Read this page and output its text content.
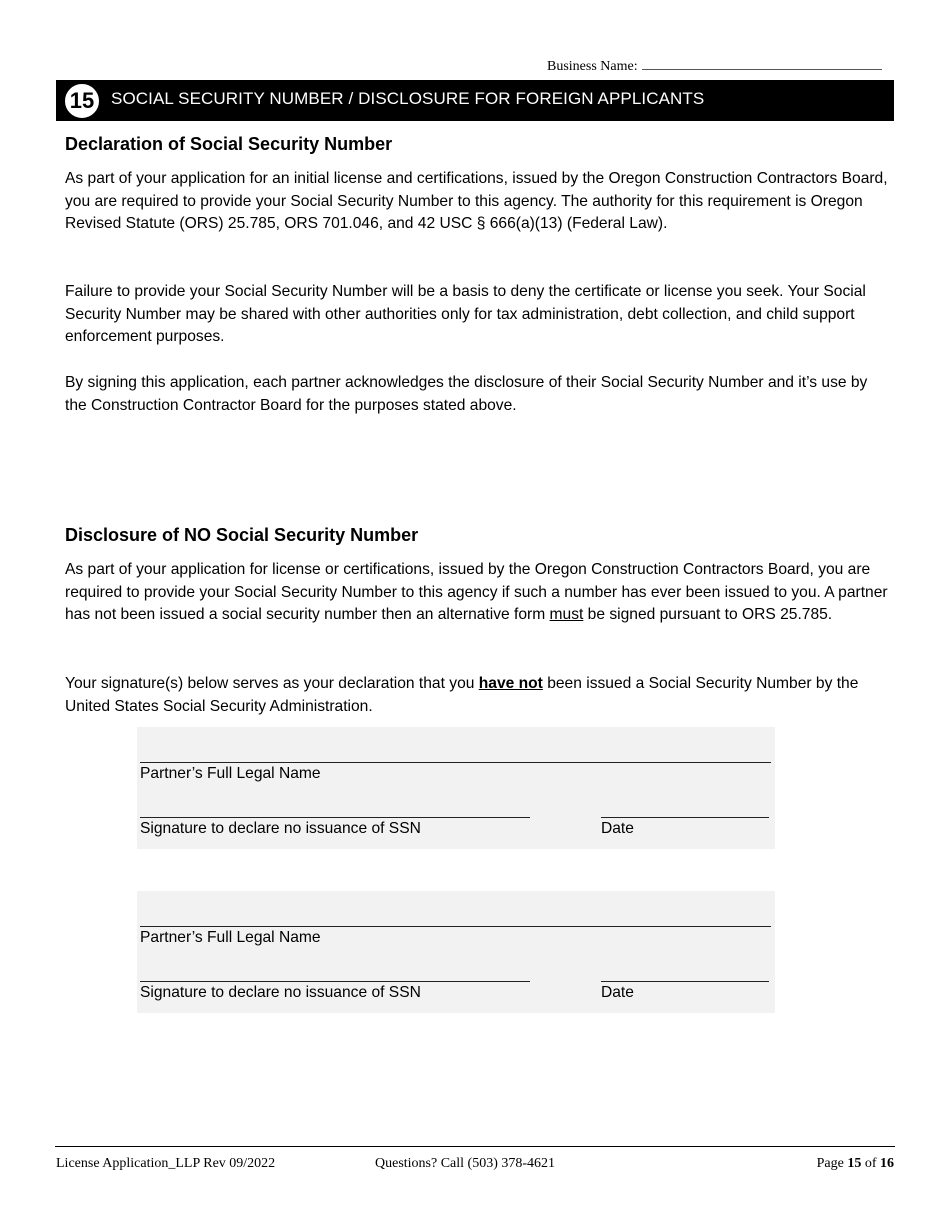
Business Name:
15 SOCIAL SECURITY NUMBER / DISCLOSURE FOR FOREIGN APPLICANTS
Declaration of Social Security Number

As part of your application for an initial license and certifications, issued by the Oregon Construction Contractors Board, you are required to provide your Social Security Number to this agency. The authority for this requirement is Oregon Revised Statute (ORS) 25.785, ORS 701.046, and 42 USC § 666(a)(13) (Federal Law).

Failure to provide your Social Security Number will be a basis to deny the certificate or license you seek. Your Social Security Number may be shared with other authorities only for tax administration, debt collection, and child support enforcement purposes.

By signing this application, each partner acknowledges the disclosure of their Social Security Number and it’s use by the Construction Contractor Board for the purposes stated above.

Disclosure of NO Social Security Number

As part of your application for license or certifications, issued by the Oregon Construction Contractors Board, you are required to provide your Social Security Number to this agency if such a number has ever been issued to you. A partner has not been issued a social security number then an alternative form must be signed pursuant to ORS 25.785.

Your signature(s) below serves as your declaration that you have not been issued a Social Security Number by the United States Social Security Administration.

Partner’s Full Legal Name
Signature to declare no issuance of SSN	Date
Partner’s Full Legal Name
Signature to declare no issuance of SSN	Date
License Application_LLP Rev 09/2022	Questions? Call (503) 378-4621	Page 15 of 16
